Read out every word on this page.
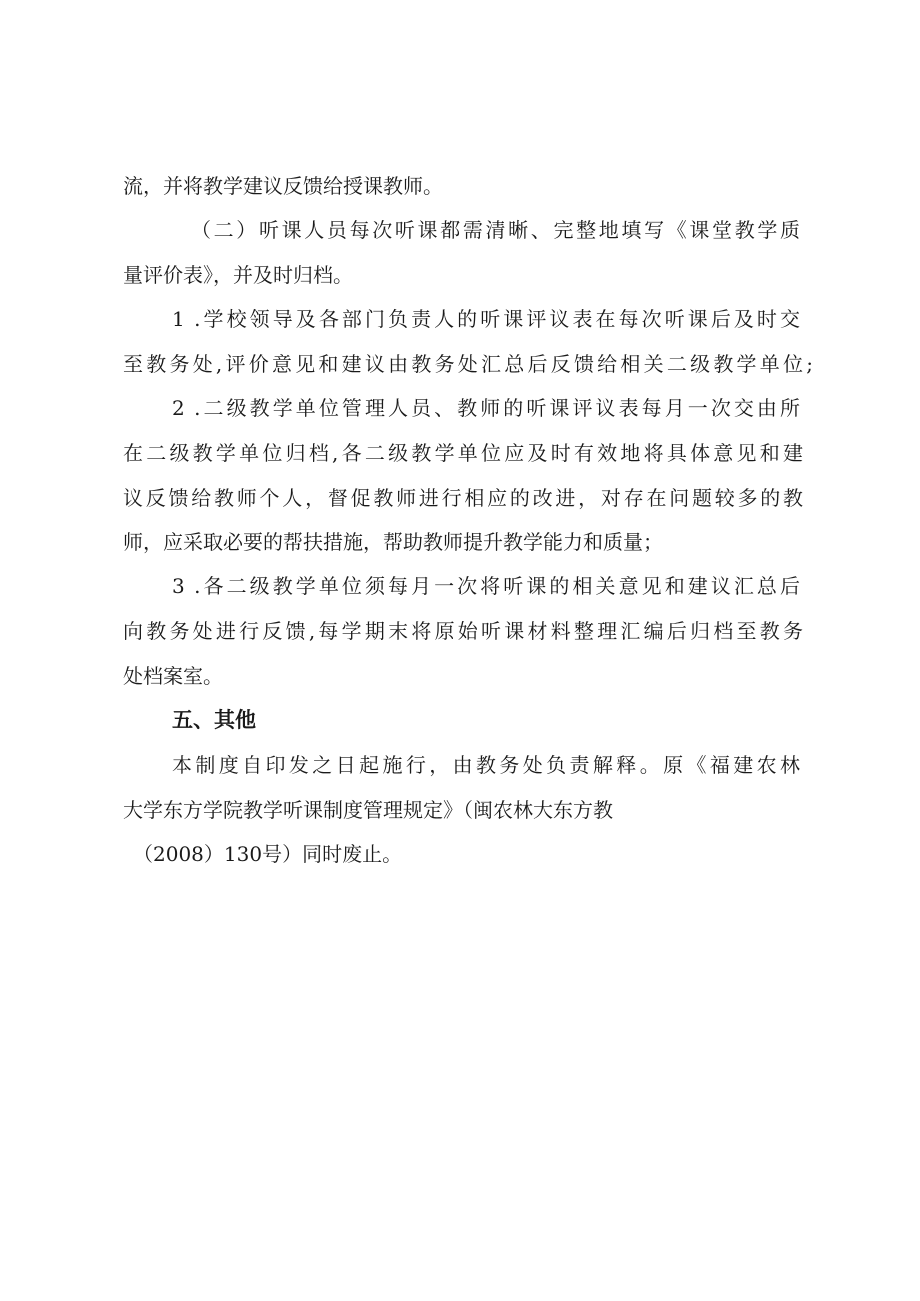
流，并将教学建议反馈给授课教师。
（二）听课人员每次听课都需清晰、完整地填写《课堂教学质
量评价表》，并及时归档。
1 .学校领导及各部门负责人的听课评议表在每次听课后及时交
至教务处,评价意见和建议由教务处汇总后反馈给相关二级教学单位;
2 .二级教学单位管理人员、教师的听课评议表每月一次交由所
在二级教学单位归档,各二级教学单位应及时有效地将具体意见和建
议反馈给教师个人，督促教师进行相应的改进，对存在问题较多的教
师，应采取必要的帮扶措施，帮助教师提升教学能力和质量；
3 .各二级教学单位须每月一次将听课的相关意见和建议汇总后
向教务处进行反馈,每学期末将原始听课材料整理汇编后归档至教务
处档案室。
五、其他
本制度自印发之日起施行，由教务处负责解释。原《福建农林
大学东方学院教学听课制度管理规定》（闽农林大东方教
（2008）130号）同时废止。
